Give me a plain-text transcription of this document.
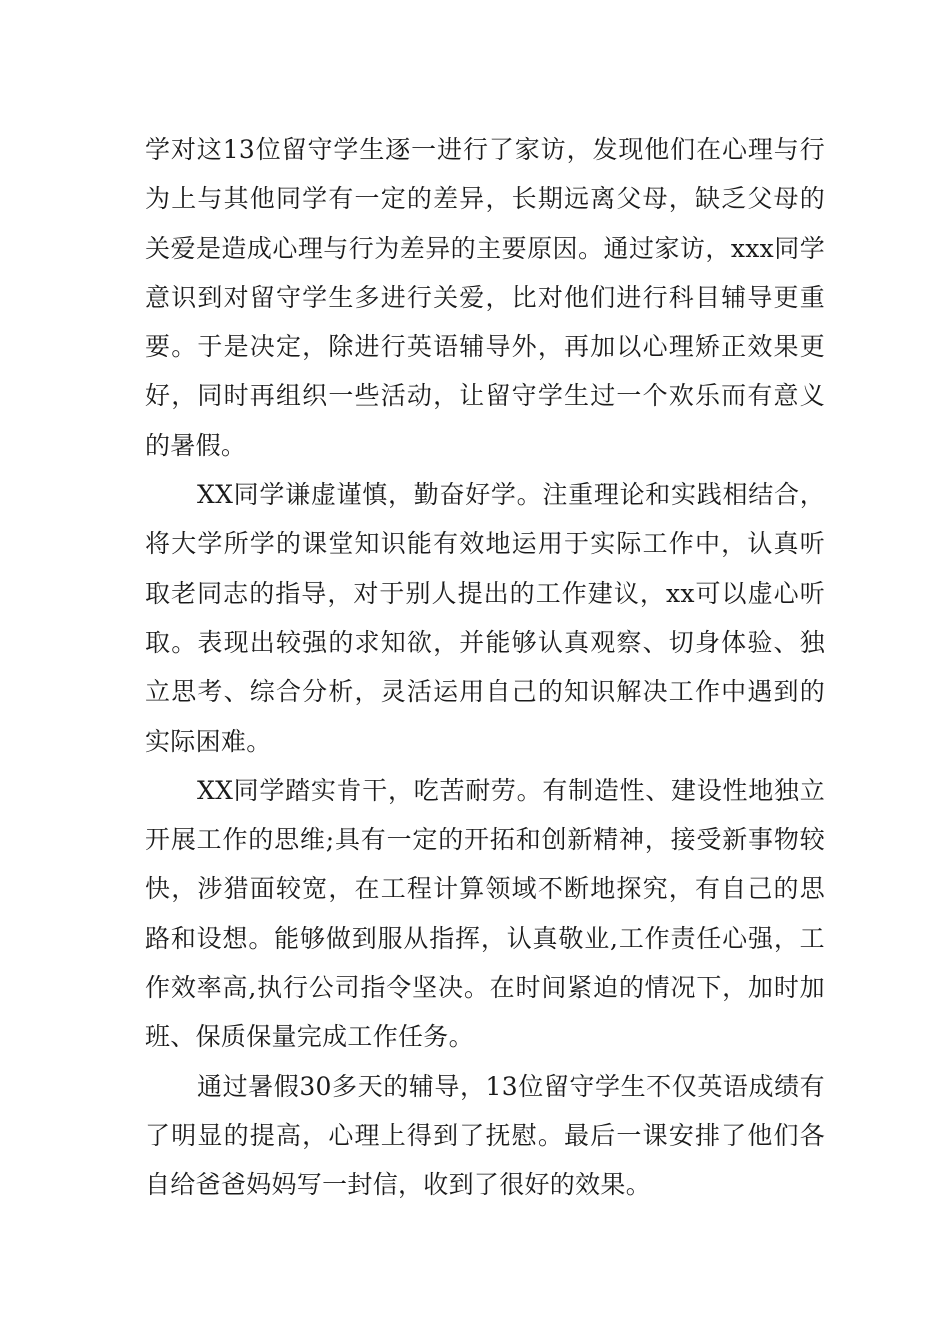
学对这13位留守学生逐一进行了家访，发现他们在心理与行为上与其他同学有一定的差异，长期远离父母，缺乏父母的关爱是造成心理与行为差异的主要原因。通过家访，xxx同学意识到对留守学生多进行关爱，比对他们进行科目辅导更重要。于是决定，除进行英语辅导外，再加以心理矫正效果更好，同时再组织一些活动，让留守学生过一个欢乐而有意义的暑假。

XX同学谦虚谨慎，勤奋好学。注重理论和实践相结合，将大学所学的课堂知识能有效地运用于实际工作中，认真听取老同志的指导，对于别人提出的工作建议，xx可以虚心听取。表现出较强的求知欲，并能够认真观察、切身体验、独立思考、综合分析，灵活运用自己的知识解决工作中遇到的实际困难。

XX同学踏实肯干，吃苦耐劳。有制造性、建设性地独立开展工作的思维;具有一定的开拓和创新精神，接受新事物较快，涉猎面较宽，在工程计算领域不断地探究，有自己的思路和设想。能够做到服从指挥，认真敬业,工作责任心强，工作效率高,执行公司指令坚决。在时间紧迫的情况下，加时加班、保质保量完成工作任务。

通过暑假30多天的辅导，13位留守学生不仅英语成绩有了明显的提高，心理上得到了抚慰。最后一课安排了他们各自给爸爸妈妈写一封信，收到了很好的效果。
